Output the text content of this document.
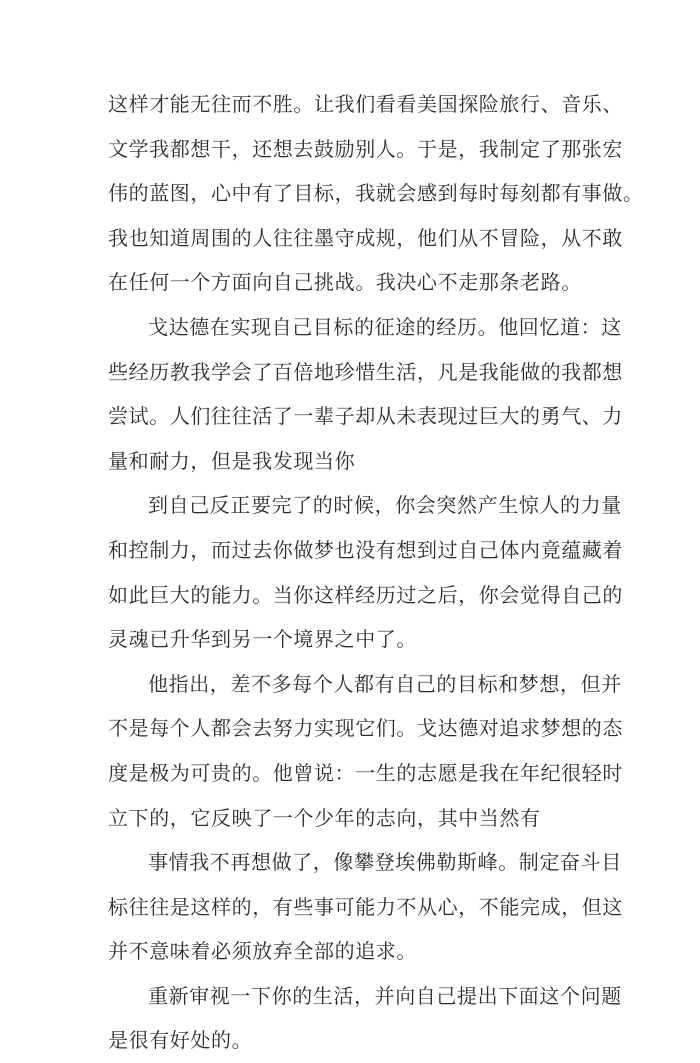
这样才能无往而不胜。让我们看看美国探险旅行、音乐、
文学我都想干，还想去鼓励别人。于是，我制定了那张宏
伟的蓝图，心中有了目标，我就会感到每时每刻都有事做。
我也知道周围的人往往墨守成规，他们从不冒险，从不敢
在任何一个方面向自己挑战。我决心不走那条老路。
戈达德在实现自己目标的征途的经历。他回忆道：这
些经历教我学会了百倍地珍惜生活，凡是我能做的我都想
尝试。人们往往活了一辈子却从未表现过巨大的勇气、力
量和耐力，但是我发现当你
到自己反正要完了的时候，你会突然产生惊人的力量
和控制力，而过去你做梦也没有想到过自己体内竟蕴藏着
如此巨大的能力。当你这样经历过之后，你会觉得自己的
灵魂已升华到另一个境界之中了。
他指出，差不多每个人都有自己的目标和梦想，但并
不是每个人都会去努力实现它们。戈达德对追求梦想的态
度是极为可贵的。他曾说：一生的志愿是我在年纪很轻时
立下的，它反映了一个少年的志向，其中当然有
事情我不再想做了，像攀登埃佛勒斯峰。制定奋斗目
标往往是这样的，有些事可能力不从心，不能完成，但这
并不意味着必须放弃全部的追求。
重新审视一下你的生活，并向自己提出下面这个问题
是很有好处的。
